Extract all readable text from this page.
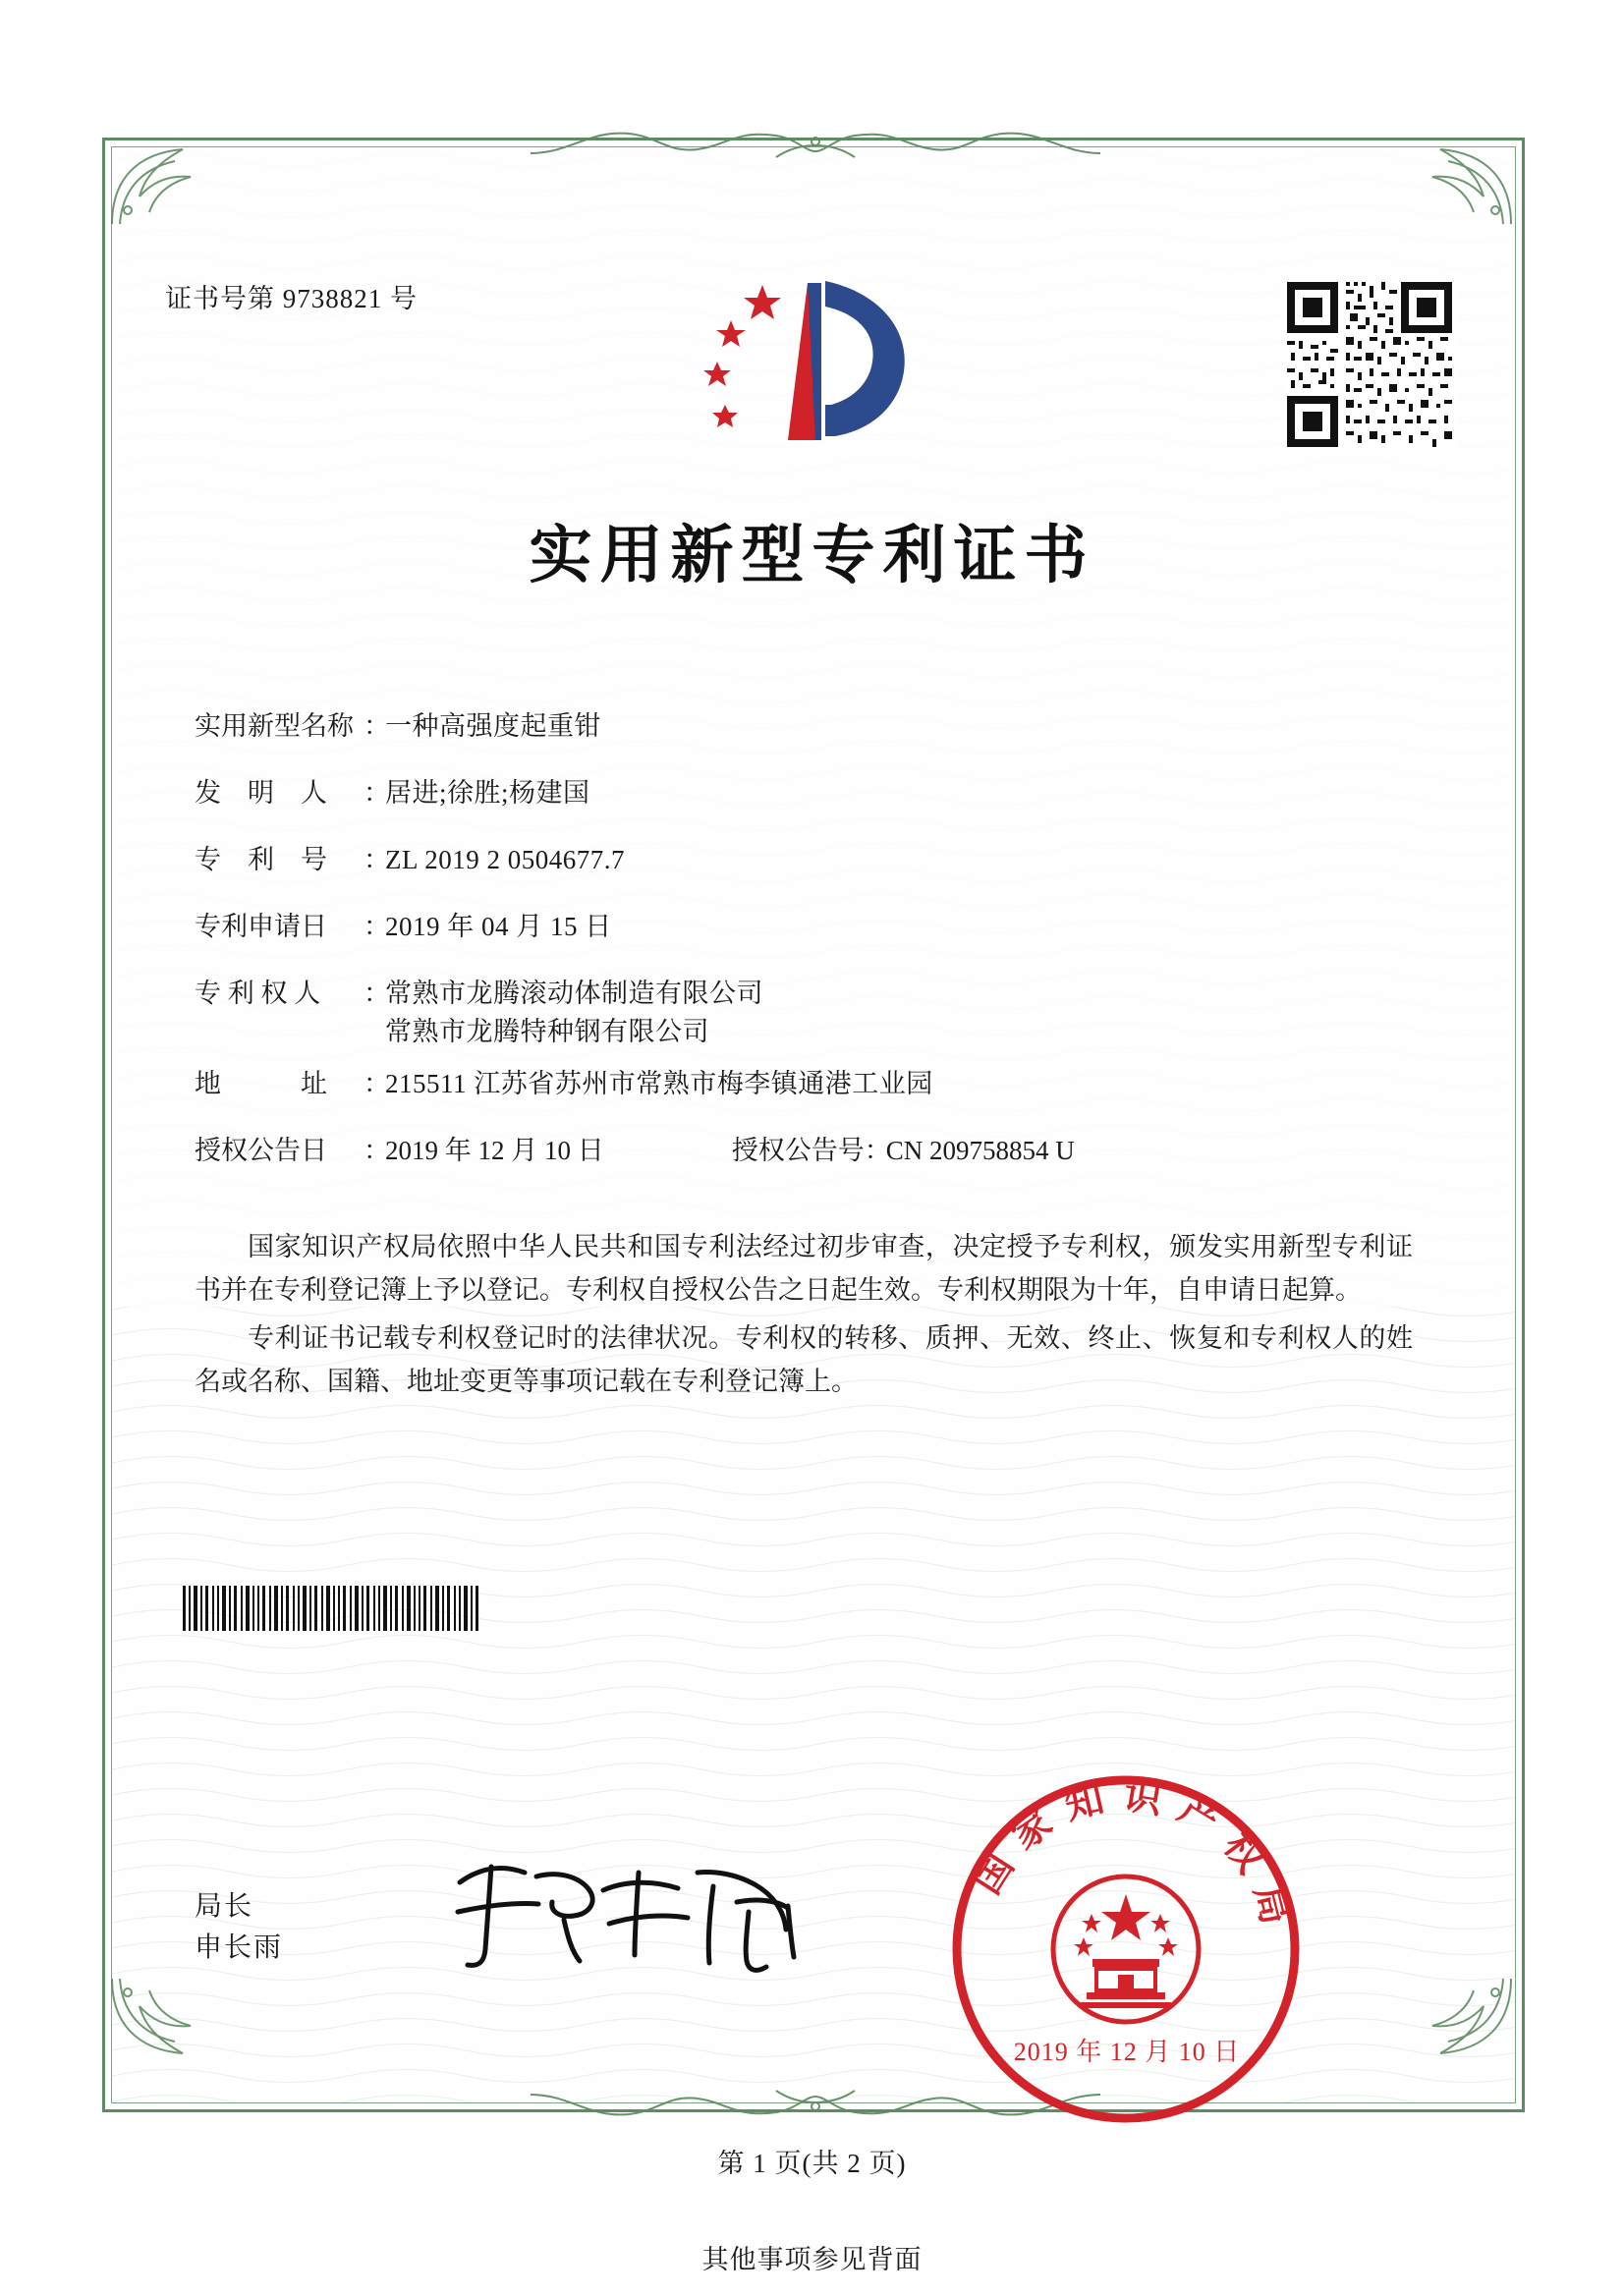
证书号第 9738821 号
实用新型专利证书
实用新型名称 ：
一种高强度起重钳
发　明　人	：
居进;徐胜;杨建国
专　利　号	：
ZL 2019 2 0504677.7
专利申请日	：
2019 年 04 月 15 日
专 利 权 人	：
常熟市龙腾滚动体制造有限公司
常熟市龙腾特种钢有限公司
地　　　址	：
215511 江苏省苏州市常熟市梅李镇通港工业园
授权公告日	：
2019 年 12 月 10 日	授权公告号 ：
CN 209758854 U

国家知识产权局依照中华人民共和国专利法经过初步审查，决定授予专利权，颁发实用新型专利证书并在专利登记簿上予以登记。专利权自授权公告之日起生效。专利权期限为十年，自申请日起算。

专利证书记载专利权登记时的法律状况。专利权的转移、质押、无效、终止、恢复和专利权人的姓名或名称、国籍、地址变更等事项记载在专利登记簿上。

局长
申长雨
国家知识产权局
2019 年 12 月 10 日
第 1 页(共 2 页)
其他事项参见背面
